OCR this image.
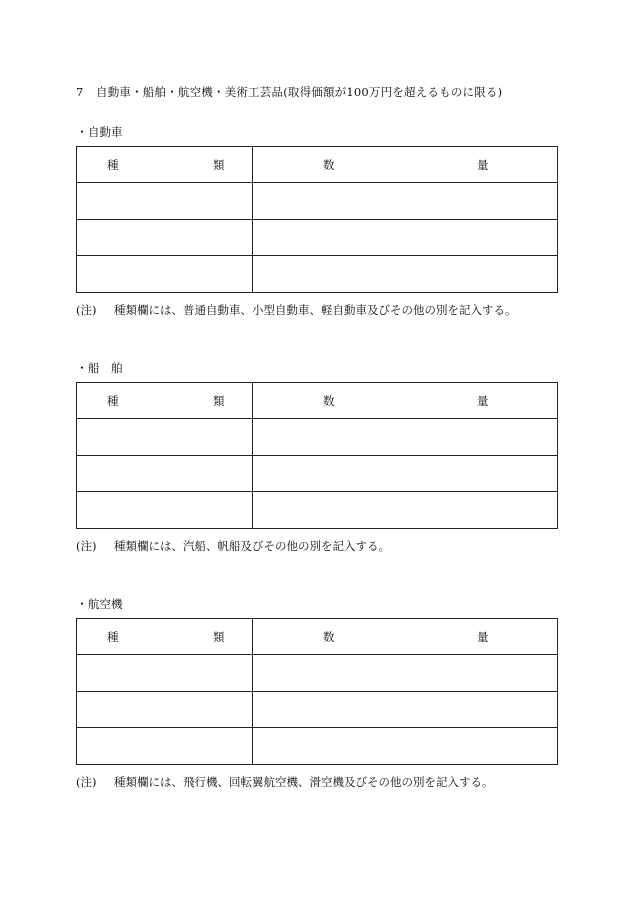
7 自動車・船舶・航空機・美術工芸品(取得価額が100万円を超えるものに限る)
・自動車
種 類	数 量

(注) 種類欄には、普通自動車、小型自動車、軽自動車及びその他の別を記入する。
・船　舶
種 類	数 量

(注) 種類欄には、汽船、帆船及びその他の別を記入する。
・航空機
種 類	数 量

(注) 種類欄には、飛行機、回転翼航空機、滑空機及びその他の別を記入する。
